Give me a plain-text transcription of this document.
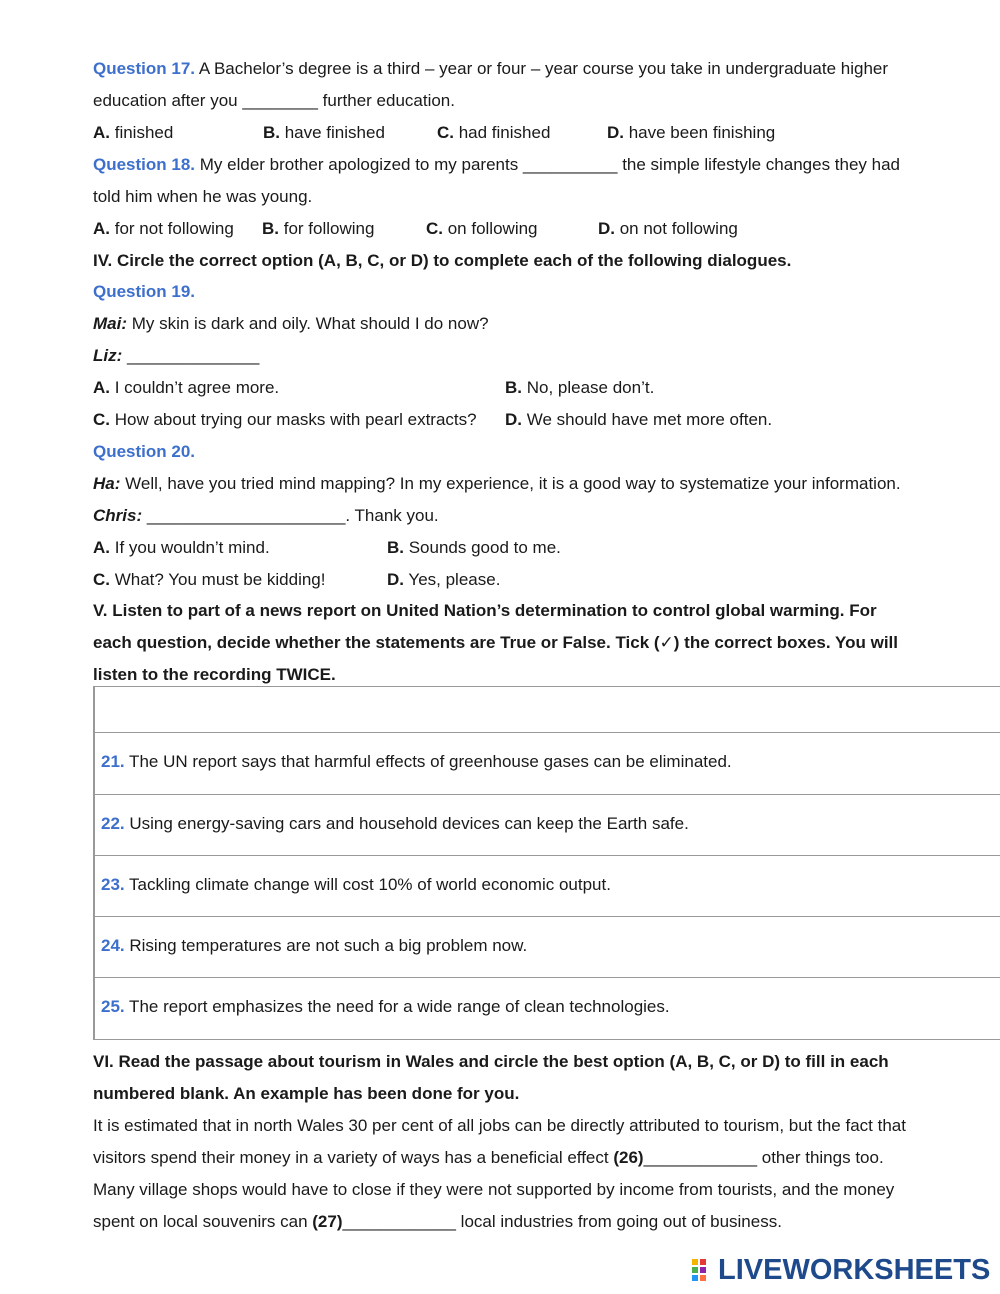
Question 17. A Bachelor’s degree is a third – year or four – year course you take in undergraduate higher
education after you ________ further education.
A. finished	B. have finished	C. had finished	D. have been finishing
Question 18. My elder brother apologized to my parents __________ the simple lifestyle changes they had
told him when he was young.
A. for not following B. for following	C. on following	D. on not following
IV. Circle the correct option (A, B, C, or D) to complete each of the following dialogues.
Question 19.
Mai: My skin is dark and oily. What should I do now?
Liz: ______________
A. I couldn’t agree more.	B. No, please don’t.
C. How about trying our masks with pearl extracts? D. We should have met more often.
Question 20.
Ha: Well, have you tried mind mapping? In my experience, it is a good way to systematize your information.
Chris: _____________________. Thank you.
A. If you wouldn’t mind.	B. Sounds good to me.
C. What? You must be kidding!	D. Yes, please.
V. Listen to part of a news report on United Nation’s determination to control global warming. For
each question, decide whether the statements are True or False. Tick (✓) the correct boxes. You will
listen to the recording TWICE.
21. The UN report says that harmful effects of greenhouse gases can be eliminated.
22. Using energy-saving cars and household devices can keep the Earth safe.
23. Tackling climate change will cost 10% of world economic output.
24. Rising temperatures are not such a big problem now.
25. The report emphasizes the need for a wide range of clean technologies.
VI. Read the passage about tourism in Wales and circle the best option (A, B, C, or D) to fill in each
numbered blank. An example has been done for you.
It is estimated that in north Wales 30 per cent of all jobs can be directly attributed to tourism, but the fact that
visitors spend their money in a variety of ways has a beneficial effect (26)____________ other things too.
Many village shops would have to close if they were not supported by income from tourists, and the money
spent on local souvenirs can (27)____________ local industries from going out of business.
LIVEWORKSHEETS
